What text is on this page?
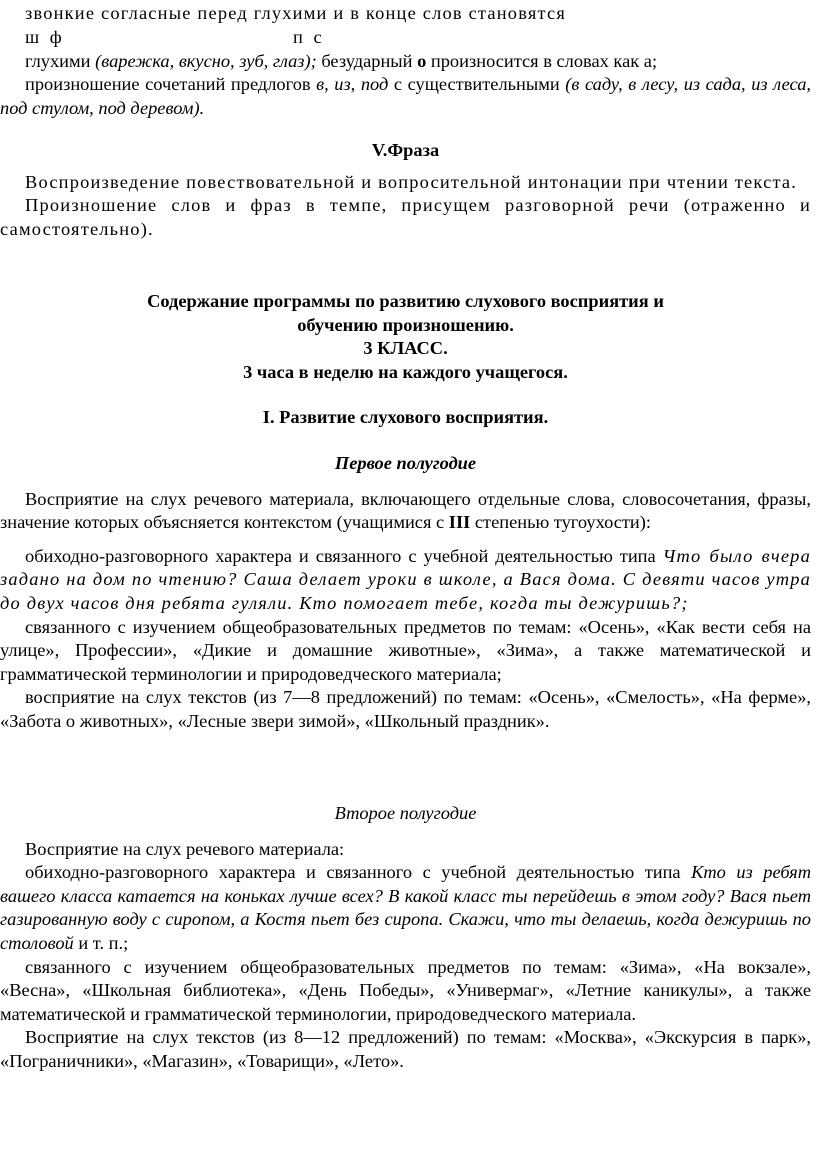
звонкие согласные перед глухими и в конце слов становятся

ш ф	п с

глухими (варежка, вкусно, зуб, глаз); безударный о произносится в словах как а;

произношение сочетаний предлогов в, из, под с существительными (в саду, в лесу, из сада, из леса, под стулом, под деревом).

V.Фраза

Воспроизведение повествовательной и вопросительной интонации при чтении текста.

Произношение слов и фраз в темпе, присущем разговорной речи (отраженно и самостоятельно).

Содержание программы по развитию слухового восприятия и

обучению произношению.

3 КЛАСС.

3 часа в неделю на каждого учащегося.

I. Развитие слухового восприятия.

Первое полугодие

Восприятие на слух речевого материала, включающего отдельные слова, словосочетания, фразы, значение которых объясняется контекстом (учащимися с III степенью тугоухости):

обиходно-разговорного характера и связанного с учебной деятельностью типа Что было вчера задано на дом по чтению? Саша делает уроки в школе, а Вася дома. С девяти часов утра до двух часов дня ребята гуляли. Кто помогает тебе, когда ты дежуришь?;

связанного с изучением общеобразовательных предметов по темам: «Осень», «Как вести себя на улице», Профессии», «Дикие и домашние животные», «Зима», а также математической и грамматической терминологии и природоведческого материала;

восприятие на слух текстов (из 7—8 предложений) по темам: «Осень», «Смелость», «На ферме», «Забота о животных», «Лесные звери зимой», «Школьный праздник».

Второе полугодие

Восприятие на слух речевого материала:

обиходно-разговорного характера и связанного с учебной деятельностью типа Кто из ребят вашего класса катается на коньках лучше всех? В какой класс ты перейдешь в этом году? Вася пьет газированную воду с сиропом, а Костя пьет без сиропа. Скажи, что ты делаешь, когда дежуришь по столовой и т. п.;

связанного с изучением общеобразовательных предметов по темам: «Зима», «На вокзале», «Весна», «Школьная библиотека», «День Победы», «Универмаг», «Летние каникулы», а также математической и грамматической терминологии, природоведческого материала.

Восприятие на слух текстов (из 8—12 предложений) по темам: «Москва», «Экскурсия в парк», «Пограничники», «Магазин», «Товарищи», «Лето».
